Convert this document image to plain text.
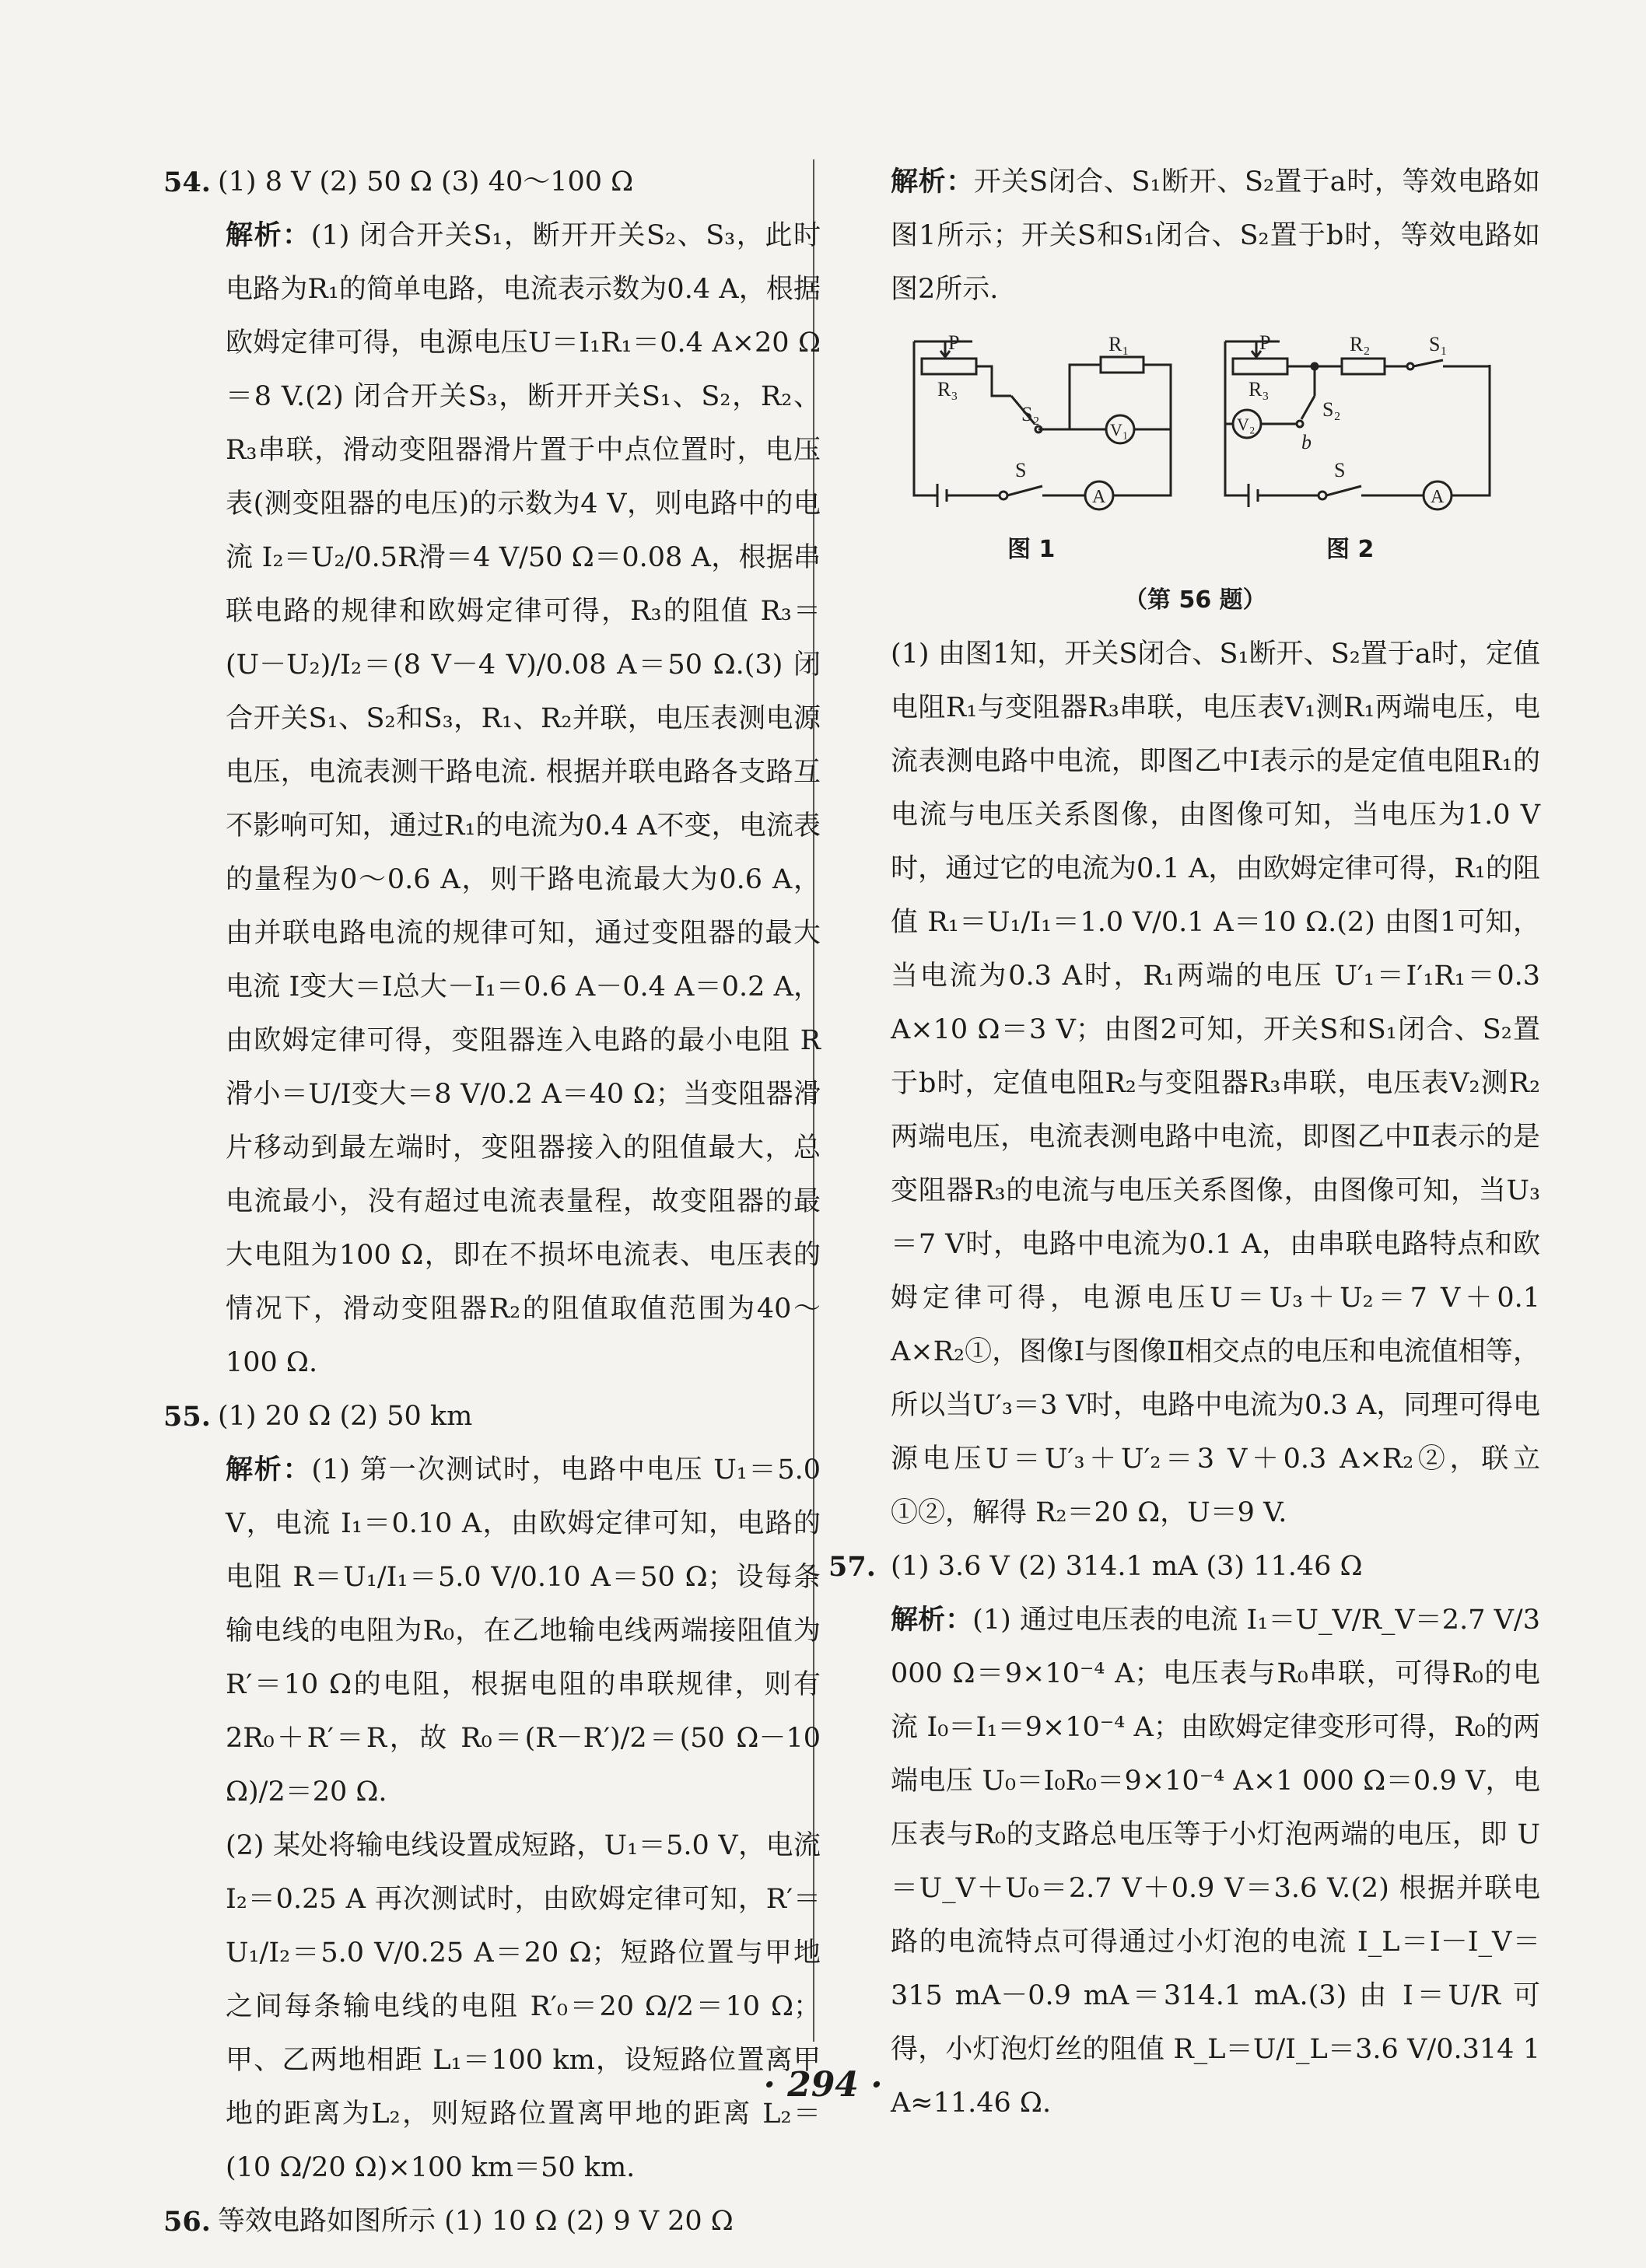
54. (1) 8 V (2) 50 Ω (3) 40～100 Ω

解析：(1) 闭合开关S₁，断开开关S₂、S₃，此时电路为R₁的简单电路，电流表示数为0.4 A，根据欧姆定律可得，电源电压U＝I₁R₁＝0.4 A×20 Ω＝8 V.(2) 闭合开关S₃，断开开关S₁、S₂，R₂、R₃串联，滑动变阻器滑片置于中点位置时，电压表(测变阻器的电压)的示数为4 V，则电路中的电流 I₂＝U₂/0.5R滑＝4 V/50 Ω＝0.08 A，根据串联电路的规律和欧姆定律可得，R₃的阻值 R₃＝(U－U₂)/I₂＝(8 V－4 V)/0.08 A＝50 Ω.(3) 闭合开关S₁、S₂和S₃，R₁、R₂并联，电压表测电源电压，电流表测干路电流. 根据并联电路各支路互不影响可知，通过R₁的电流为0.4 A不变，电流表的量程为0～0.6 A，则干路电流最大为0.6 A，由并联电路电流的规律可知，通过变阻器的最大电流 I变大＝I总大－I₁＝0.6 A－0.4 A＝0.2 A，由欧姆定律可得，变阻器连入电路的最小电阻 R滑小＝U/I变大＝8 V/0.2 A＝40 Ω；当变阻器滑片移动到最左端时，变阻器接入的阻值最大，总电流最小，没有超过电流表量程，故变阻器的最大电阻为100 Ω，即在不损坏电流表、电压表的情况下，滑动变阻器R₂的阻值取值范围为40～100 Ω.

55. (1) 20 Ω (2) 50 km

解析：(1) 第一次测试时，电路中电压 U₁＝5.0 V，电流 I₁＝0.10 A，由欧姆定律可知，电路的电阻 R＝U₁/I₁＝5.0 V/0.10 A＝50 Ω；设每条输电线的电阻为R₀，在乙地输电线两端接阻值为R′＝10 Ω的电阻，根据电阻的串联规律，则有 2R₀＋R′＝R，故 R₀＝(R－R′)/2＝(50 Ω－10 Ω)/2＝20 Ω.

(2) 某处将输电线设置成短路，U₁＝5.0 V，电流 I₂＝0.25 A 再次测试时，由欧姆定律可知，R′＝U₁/I₂＝5.0 V/0.25 A＝20 Ω；短路位置与甲地之间每条输电线的电阻 R′₀＝20 Ω/2＝10 Ω；甲、乙两地相距 L₁＝100 km，设短路位置离甲地的距离为L₂，则短路位置离甲地的距离 L₂＝(10 Ω/20 Ω)×100 km＝50 km.

56. 等效电路如图所示 (1) 10 Ω (2) 9 V 20 Ω

解析：开关S闭合、S₁断开、S₂置于a时，等效电路如图1所示；开关S和S₁闭合、S₂置于b时，等效电路如图2所示.

P
R₃
R₁
S₂
V₁
S
A
P
R₃
R₂	S₁
S₂
b
V₂
S
A
图 1	图 2
（第 56 题）

(1) 由图1知，开关S闭合、S₁断开、S₂置于a时，定值电阻R₁与变阻器R₃串联，电压表V₁测R₁两端电压，电流表测电路中电流，即图乙中Ⅰ表示的是定值电阻R₁的电流与电压关系图像，由图像可知，当电压为1.0 V时，通过它的电流为0.1 A，由欧姆定律可得，R₁的阻值 R₁＝U₁/I₁＝1.0 V/0.1 A＝10 Ω.(2) 由图1可知，当电流为0.3 A时，R₁两端的电压 U′₁＝I′₁R₁＝0.3 A×10 Ω＝3 V；由图2可知，开关S和S₁闭合、S₂置于b时，定值电阻R₂与变阻器R₃串联，电压表V₂测R₂两端电压，电流表测电路中电流，即图乙中Ⅱ表示的是变阻器R₃的电流与电压关系图像，由图像可知，当U₃＝7 V时，电路中电流为0.1 A，由串联电路特点和欧姆定律可得，电源电压U＝U₃＋U₂＝7 V＋0.1 A×R₂①，图像Ⅰ与图像Ⅱ相交点的电压和电流值相等，所以当U′₃＝3 V时，电路中电流为0.3 A，同理可得电源电压U＝U′₃＋U′₂＝3 V＋0.3 A×R₂②，联立①②，解得 R₂＝20 Ω，U＝9 V.

57. (1) 3.6 V (2) 314.1 mA (3) 11.46 Ω

解析：(1) 通过电压表的电流 I₁＝U_V/R_V＝2.7 V/3 000 Ω＝9×10⁻⁴ A；电压表与R₀串联，可得R₀的电流 I₀＝I₁＝9×10⁻⁴ A；由欧姆定律变形可得，R₀的两端电压 U₀＝I₀R₀＝9×10⁻⁴ A×1 000 Ω＝0.9 V，电压表与R₀的支路总电压等于小灯泡两端的电压，即 U＝U_V＋U₀＝2.7 V＋0.9 V＝3.6 V.(2) 根据并联电路的电流特点可得通过小灯泡的电流 I_L＝I－I_V＝315 mA－0.9 mA＝314.1 mA.(3) 由 I＝U/R 可得，小灯泡灯丝的阻值 R_L＝U/I_L＝3.6 V/0.314 1 A≈11.46 Ω.

· 294 ·
